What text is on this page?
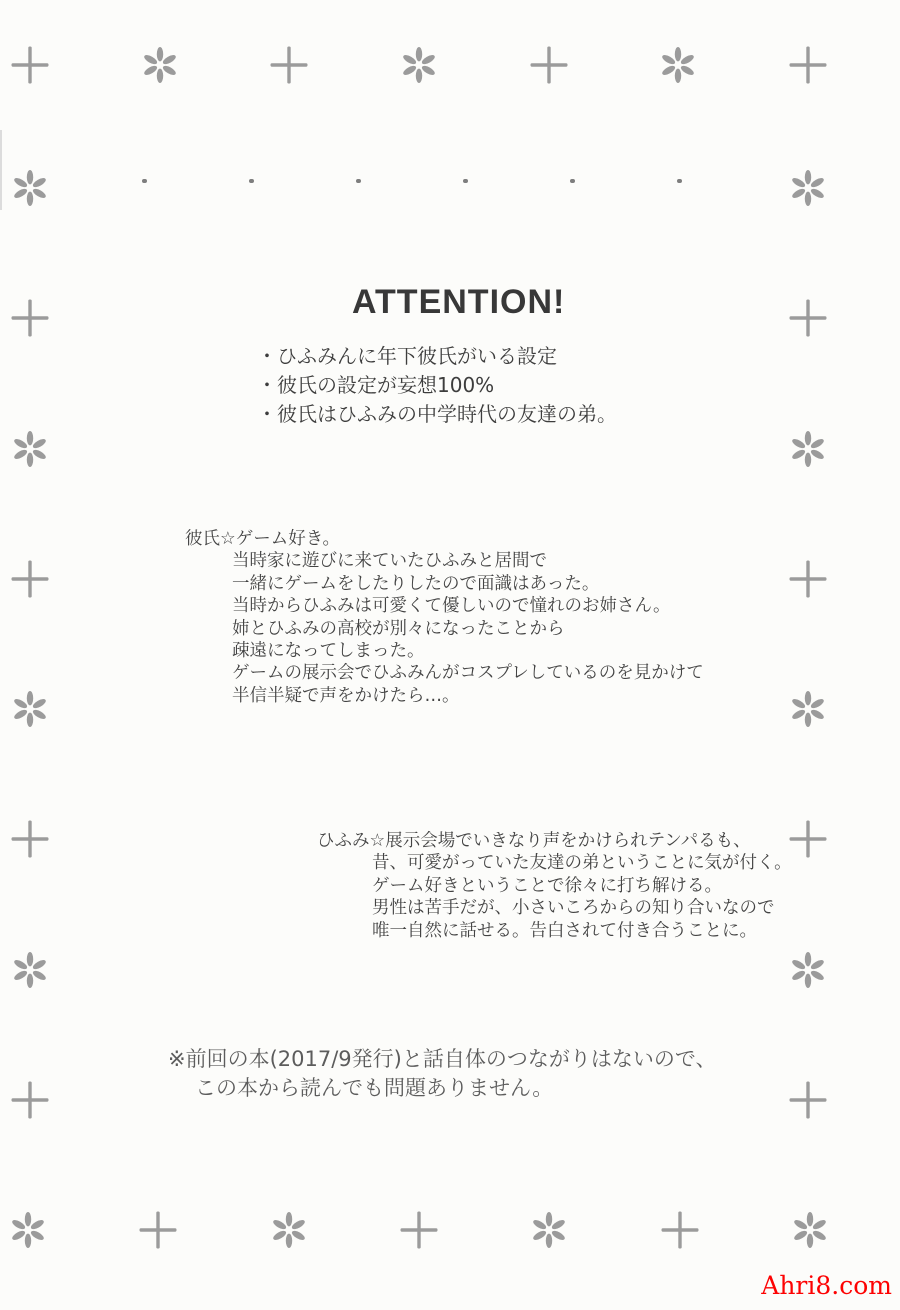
ATTENTION!
・ひふみんに年下彼氏がいる設定
・彼氏の設定が妄想100%
・彼氏はひふみの中学時代の友達の弟。
彼氏☆ゲーム好き。
当時家に遊びに来ていたひふみと居間で
一緒にゲームをしたりしたので面識はあった。
当時からひふみは可愛くて優しいので憧れのお姉さん。
姉とひふみの高校が別々になったことから
疎遠になってしまった。
ゲームの展示会でひふみんがコスプレしているのを見かけて
半信半疑で声をかけたら…。
ひふみ☆展示会場でいきなり声をかけられテンパるも、
昔、可愛がっていた友達の弟ということに気が付く。
ゲーム好きということで徐々に打ち解ける。
男性は苦手だが、小さいころからの知り合いなので
唯一自然に話せる。告白されて付き合うことに。
※前回の本(2017/9発行)と話自体のつながりはないので、
この本から読んでも問題ありません。
Ahri8.com
